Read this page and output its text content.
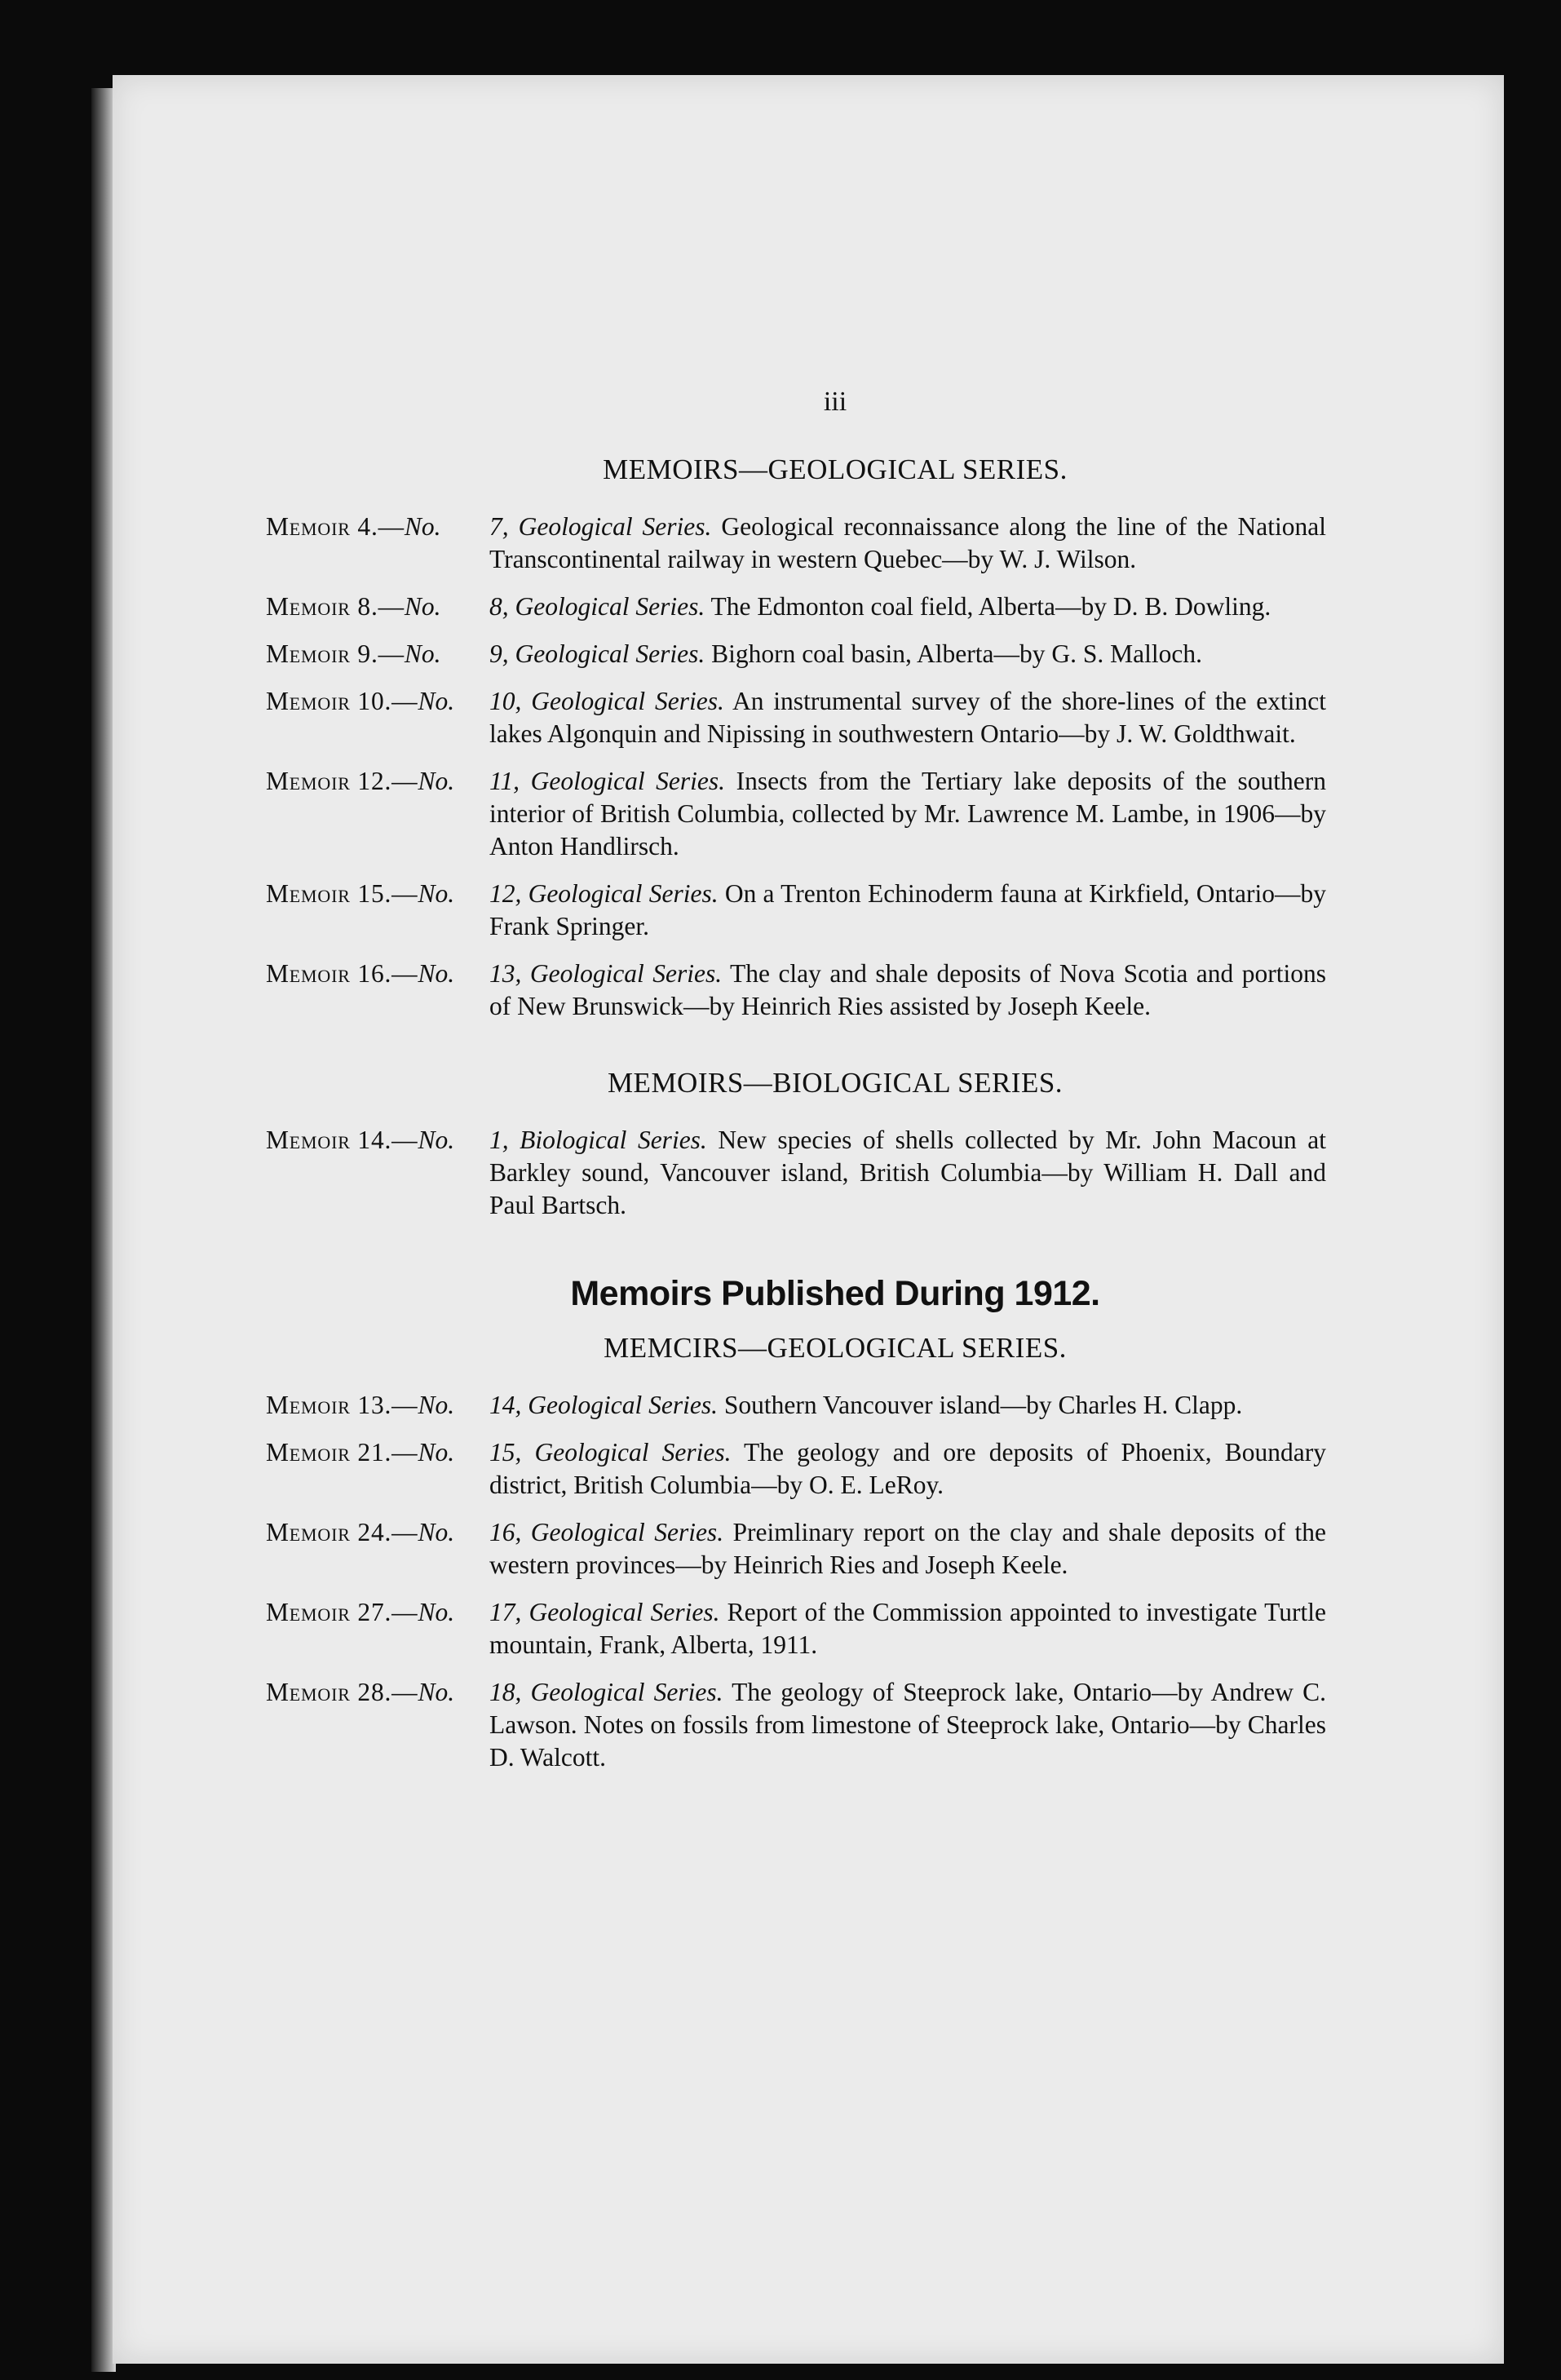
iii
MEMOIRS—GEOLOGICAL SERIES.
Memoir 4.—No.	7, Geological Series. Geological reconnaissance along the line of the National Transcontinental railway in western Quebec—by W. J. Wilson.
Memoir 8.—No.	8, Geological Series. The Edmonton coal field, Alberta—by D. B. Dowling.
Memoir 9.—No.	9, Geological Series. Bighorn coal basin, Alberta—by G. S. Malloch.
Memoir 10.—No.	10, Geological Series. An instrumental survey of the shore-lines of the extinct lakes Algonquin and Nipissing in southwestern Ontario—by J. W. Goldthwait.
Memoir 12.—No.	11, Geological Series. Insects from the Tertiary lake deposits of the southern interior of British Columbia, collected by Mr. Lawrence M. Lambe, in 1906—by Anton Handlirsch.
Memoir 15.—No.	12, Geological Series. On a Trenton Echinoderm fauna at Kirkfield, Ontario—by Frank Springer.
Memoir 16.—No.	13, Geological Series. The clay and shale deposits of Nova Scotia and portions of New Brunswick—by Heinrich Ries assisted by Joseph Keele.
MEMOIRS—BIOLOGICAL SERIES.
Memoir 14.—No.	1, Biological Series. New species of shells collected by Mr. John Macoun at Barkley sound, Vancouver island, British Columbia—by William H. Dall and Paul Bartsch.
Memoirs Published During 1912.
MEMCIRS—GEOLOGICAL SERIES.
Memoir 13.—No.	14, Geological Series. Southern Vancouver island—by Charles H. Clapp.
Memoir 21.—No.	15, Geological Series. The geology and ore deposits of Phoenix, Boundary district, British Columbia—by O. E. LeRoy.
Memoir 24.—No.	16, Geological Series. Preimlinary report on the clay and shale deposits of the western provinces—by Heinrich Ries and Joseph Keele.
Memoir 27.—No.	17, Geological Series. Report of the Commission appointed to investigate Turtle mountain, Frank, Alberta, 1911.
Memoir 28.—No.	18, Geological Series. The geology of Steeprock lake, Ontario—by Andrew C. Lawson. Notes on fossils from limestone of Steeprock lake, Ontario—by Charles D. Walcott.
